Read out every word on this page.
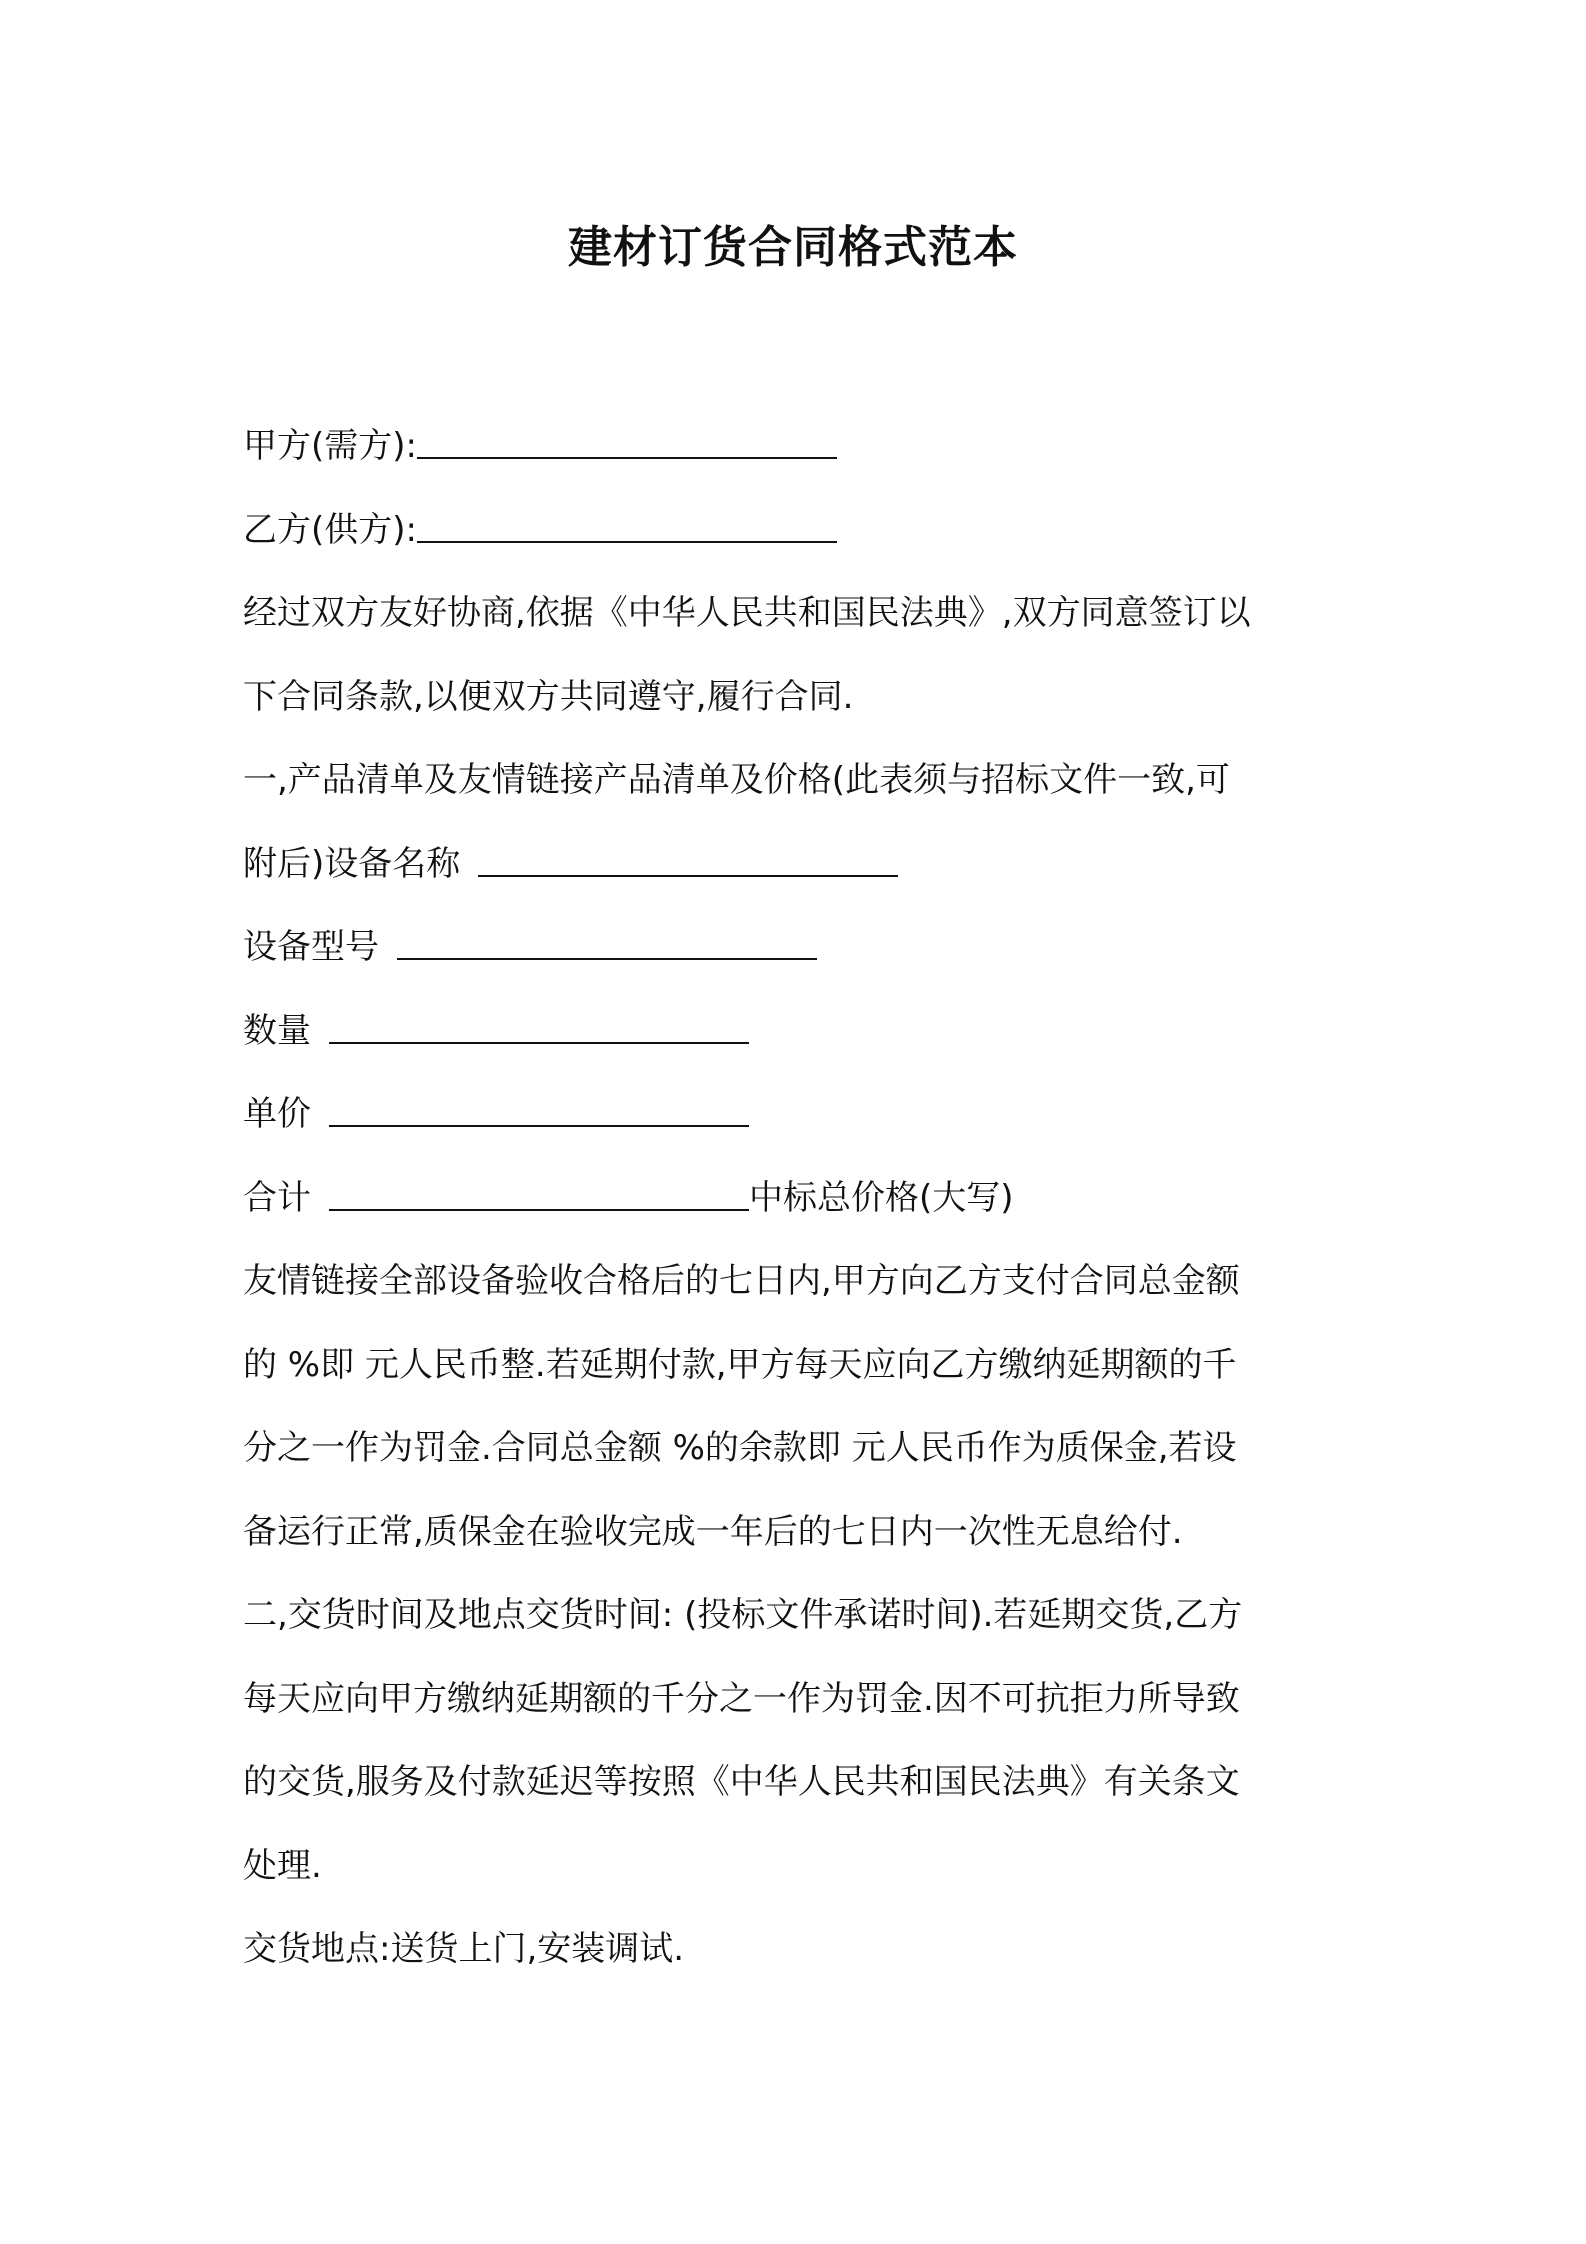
建材订货合同格式范本
甲方(需方):
乙方(供方):
经过双方友好协商,依据《中华人民共和国民法典》,双方同意签订以
下合同条款,以便双方共同遵守,履行合同.
一,产品清单及友情链接产品清单及价格(此表须与招标文件一致,可
附后)设备名称
设备型号
数量
单价
合计	中标总价格(大写)
友情链接全部设备验收合格后的七日内,甲方向乙方支付合同总金额
的 %即 元人民币整.若延期付款,甲方每天应向乙方缴纳延期额的千
分之一作为罚金.合同总金额 %的余款即 元人民币作为质保金,若设
备运行正常,质保金在验收完成一年后的七日内一次性无息给付.
二,交货时间及地点交货时间: (投标文件承诺时间).若延期交货,乙方
每天应向甲方缴纳延期额的千分之一作为罚金.因不可抗拒力所导致
的交货,服务及付款延迟等按照《中华人民共和国民法典》有关条文
处理.
交货地点:送货上门,安装调试.
